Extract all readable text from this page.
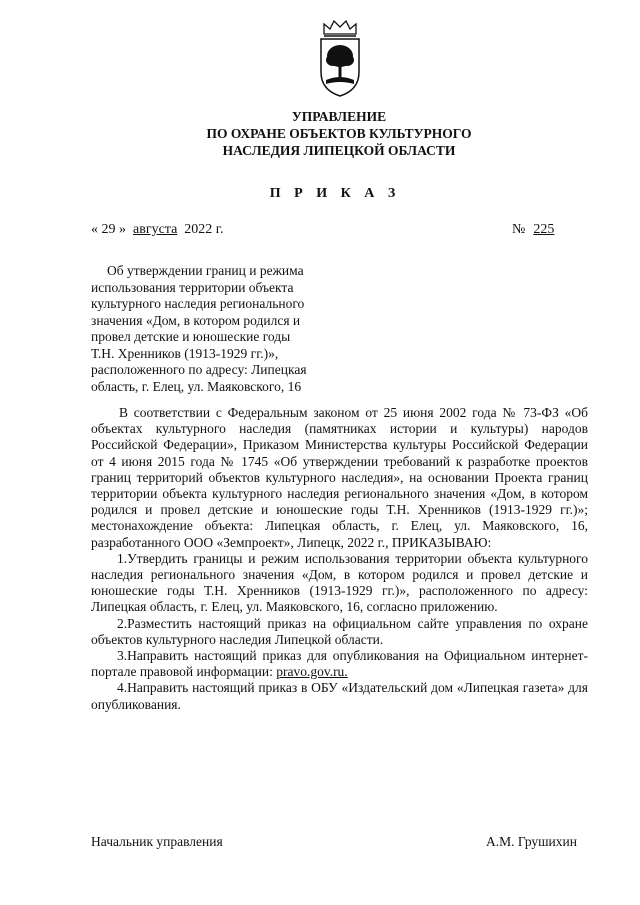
УПРАВЛЕНИЕ
ПО ОХРАНЕ ОБЪЕКТОВ КУЛЬТУРНОГО
НАСЛЕДИЯ ЛИПЕЦКОЙ ОБЛАСТИ
П Р И К А З
« 29 » августа 2022 г.	№ 225

Об утверждении границ и режима

использования территории объекта

культурного наследия регионального

значения «Дом, в котором родился и

провел детские и юношеские годы

Т.Н. Хренников (1913-1929 гг.)»,

расположенного по адресу: Липецкая

область, г. Елец, ул. Маяковского, 16

В соответствии с Федеральным законом от 25 июня 2002 года № 73-ФЗ «Об объектах культурного наследия (памятниках истории и культуры) народов Российской Федерации», Приказом Министерства культуры Российской Федерации от 4 июня 2015 года № 1745 «Об утверждении требований к разработке проектов границ территорий объектов культурного наследия», на основании Проекта границ территории объекта культурного наследия регионального значения «Дом, в котором родился и провел детские и юношеские годы Т.Н. Хренников (1913-1929 гг.)»; местонахождение объекта: Липецкая область, г. Елец, ул. Маяковского, 16, разработанного ООО «Земпроект», Липецк, 2022 г., ПРИКАЗЫВАЮ:

1.Утвердить границы и режим использования территории объекта культурного наследия регионального значения «Дом, в котором родился и провел детские и юношеские годы Т.Н. Хренников (1913-1929 гг.)», расположенного по адресу: Липецкая область, г. Елец, ул. Маяковского, 16, согласно приложению.

2.Разместить настоящий приказ на официальном сайте управления по охране объектов культурного наследия Липецкой области.

3.Направить настоящий приказ для опубликования на Официальном интернет-портале правовой информации: pravo.gov.ru.

4.Направить настоящий приказ в ОБУ «Издательский дом «Липецкая газета» для опубликования.

Начальник управления	А.М. Грушихин
